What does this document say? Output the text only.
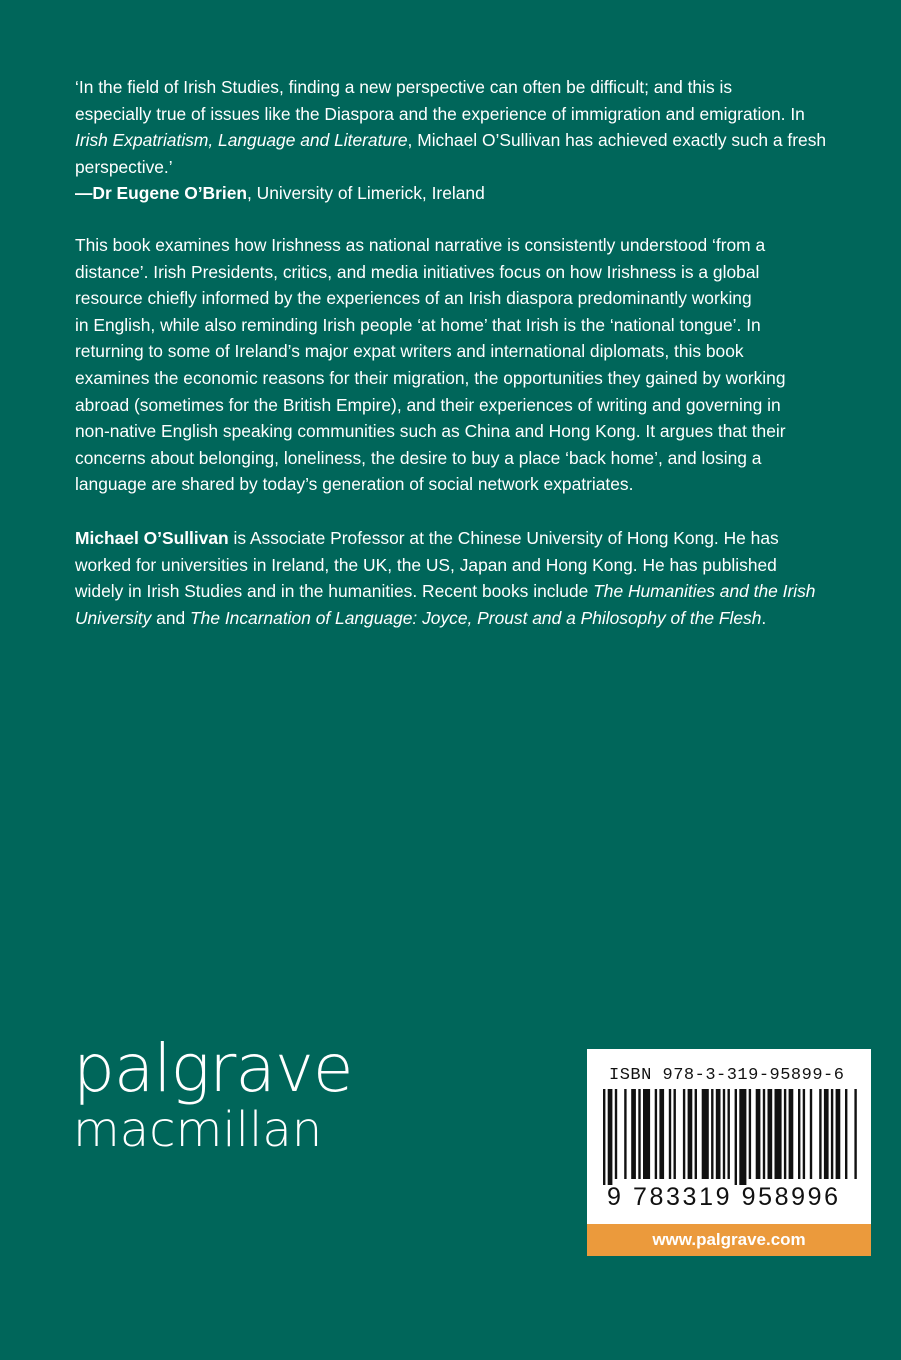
‘In the field of Irish Studies, finding a new perspective can often be difficult; and this is

especially true of issues like the Diaspora and the experience of immigration and emigration. In

Irish Expatriatism, Language and Literature, Michael O’Sullivan has achieved exactly such a fresh

perspective.’

—Dr Eugene O’Brien, University of Limerick, Ireland

This book examines how Irishness as national narrative is consistently understood ‘from a

distance’. Irish Presidents, critics, and media initiatives focus on how Irishness is a global

resource chiefly informed by the experiences of an Irish diaspora predominantly working

in English, while also reminding Irish people ‘at home’ that Irish is the ‘national tongue’. In

returning to some of Ireland’s major expat writers and international diplomats, this book

examines the economic reasons for their migration, the opportunities they gained by working

abroad (sometimes for the British Empire), and their experiences of writing and governing in

non-native English speaking communities such as China and Hong Kong. It argues that their

concerns about belonging, loneliness, the desire to buy a place ‘back home’, and losing a

language are shared by today’s generation of social network expatriates.

Michael O’Sullivan is Associate Professor at the Chinese University of Hong Kong. He has

worked for universities in Ireland, the UK, the US, Japan and Hong Kong. He has published

widely in Irish Studies and in the humanities. Recent books include The Humanities and the Irish

University and The Incarnation of Language: Joyce, Proust and a Philosophy of the Flesh.

palgrave
macmillan
ISBN 978-3-319-95899-6
9 783319 958996
www.palgrave.com
